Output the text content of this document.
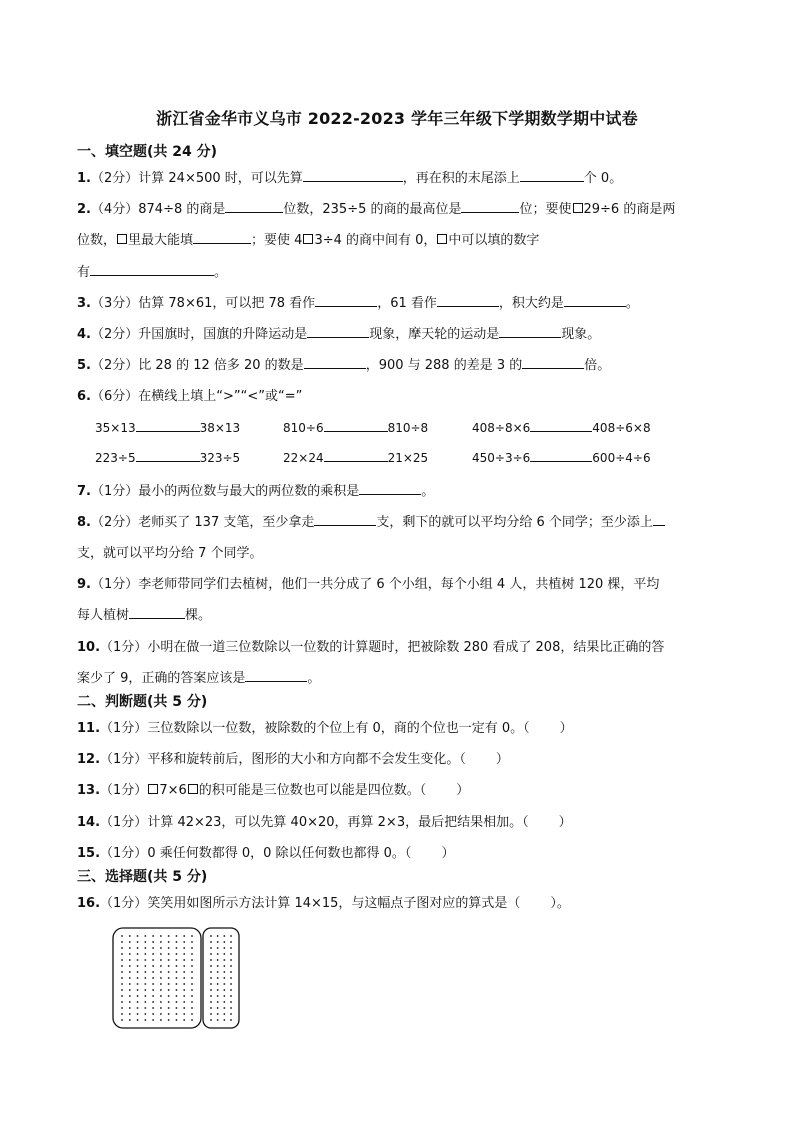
浙江省金华市义乌市 2022-2023 学年三年级下学期数学期中试卷
一、填空题(共 24 分)
1.（2分）计算 24×500 时，可以先算	，再在积的末尾添上	个 0。
2.（4分）874÷8 的商是	位数，235÷5 的商的最高位是	位；要使 29÷6 的商是两
位数， 里最大能填	；要使 4 3÷4 的商中间有 0， 中可以填的数字
有	。
3.（3分）估算 78×61，可以把 78 看作	，61 看作	，积大约是	。
4.（2分）升国旗时，国旗的升降运动是	现象，摩天轮的运动是	现象。
5.（2分）比 28 的 12 倍多 20 的数是	，900 与 288 的差是 3 的	倍。
6.（6分）在横线上填上“>”“<”或“=”
35×13	38×13	810÷6	810÷8	408÷8×6	408÷6×8
223÷5	323÷5	22×24	21×25	450÷3÷6	600÷4÷6
7.（1分）最小的两位数与最大的两位数的乘积是	。
8.（2分）老师买了 137 支笔，至少拿走	支，剩下的就可以平均分给 6 个同学；至少添上
支，就可以平均分给 7 个同学。
9.（1分）李老师带同学们去植树，他们一共分成了 6 个小组，每个小组 4 人，共植树 120 棵，平均
每人植树	棵。
10.（1分）小明在做一道三位数除以一位数的计算题时，把被除数 280 看成了 208，结果比正确的答
案少了 9，正确的答案应该是	。
二、判断题(共 5 分)
11.（1分）三位数除以一位数，被除数的个位上有 0，商的个位也一定有 0。（ ）
12.（1分）平移和旋转前后，图形的大小和方向都不会发生变化。（ ）
13.（1分） 7×6 的积可能是三位数也可以能是四位数。（ ）
14.（1分）计算 42×23，可以先算 40×20，再算 2×3，最后把结果相加。（ ）
15.（1分）0 乘任何数都得 0，0 除以任何数也都得 0。（ ）
三、选择题(共 5 分)
16.（1分）笑笑用如图所示方法计算 14×15，与这幅点子图对应的算式是（ ）。
